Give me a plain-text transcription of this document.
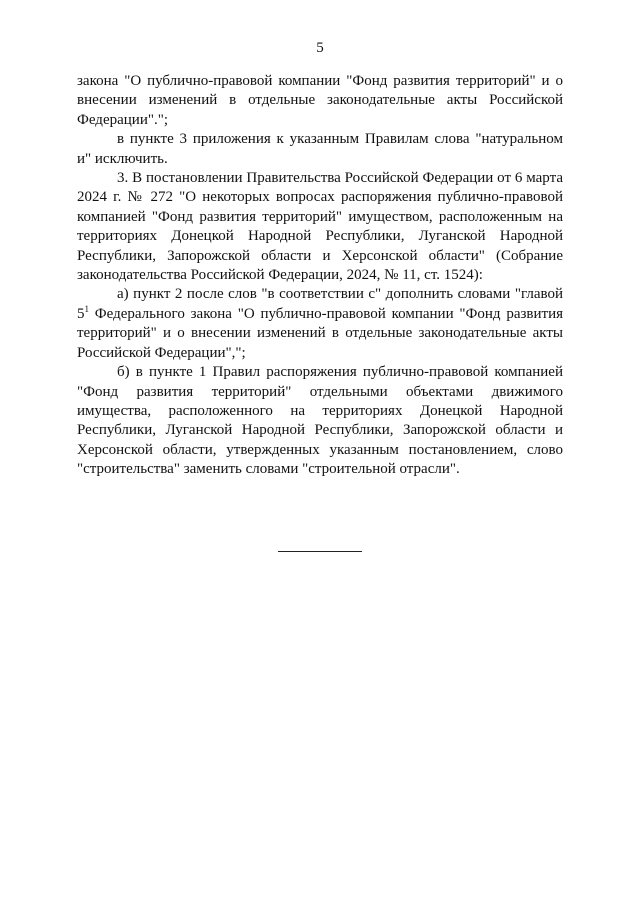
5

закона "О публично-правовой компании "Фонд развития территорий" и о внесении изменений в отдельные законодательные акты Российской Федерации".";

в пункте 3 приложения к указанным Правилам слова "натуральном и" исключить.

3. В постановлении Правительства Российской Федерации от 6 марта 2024 г. № 272 "О некоторых вопросах распоряжения публично-правовой компанией "Фонд развития территорий" имуществом, расположенным на территориях Донецкой Народной Республики, Луганской Народной Республики, Запорожской области и Херсонской области" (Собрание законодательства Российской Федерации, 2024, № 11, ст. 1524):

а) пункт 2 после слов "в соответствии с" дополнить словами "главой $5^1$ Федерального закона "О публично-правовой компании "Фонд развития территорий" и о внесении изменений в отдельные законодательные акты Российской Федерации",";

б) в пункте 1 Правил распоряжения публично-правовой компанией "Фонд развития территорий" отдельными объектами движимого имущества, расположенного на территориях Донецкой Народной Республики, Луганской Народной Республики, Запорожской области и Херсонской области, утвержденных указанным постановлением, слово "строительства" заменить словами "строительной отрасли".
